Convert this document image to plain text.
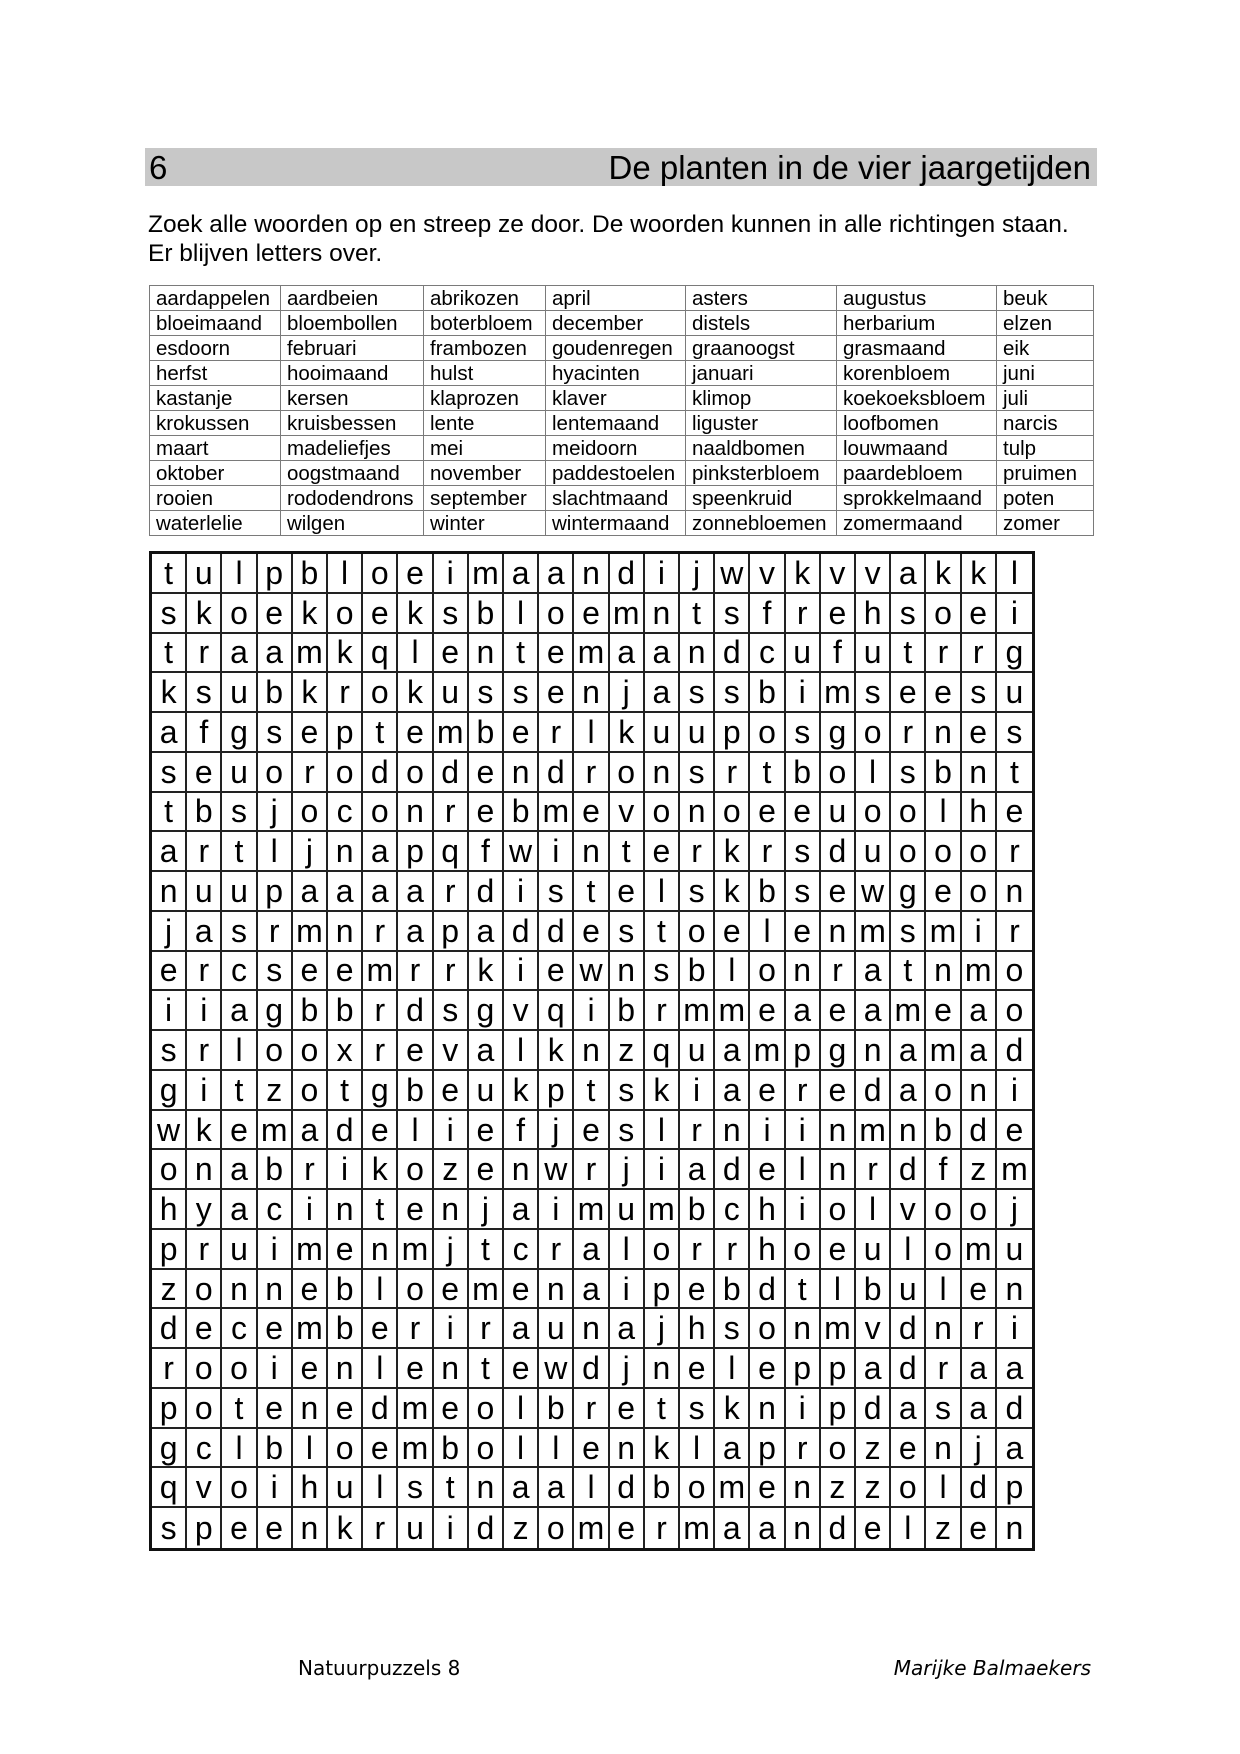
6	De planten in de vier jaargetijden
Zoek alle woorden op en streep ze door. De woorden kunnen in alle richtingen staan.
Er blijven letters over.
aardappelen	aardbeien	abrikozen	april	asters	augustus	beuk
bloeimaand	bloembollen	boterbloem	december	distels	herbarium	elzen
esdoorn	februari	frambozen	goudenregen	graanoogst	grasmaand	eik
herfst	hooimaand	hulst	hyacinten	januari	korenbloem	juni
kastanje	kersen	klaprozen	klaver	klimop	koekoeksbloem	juli
krokussen	kruisbessen	lente	lentemaand	liguster	loofbomen	narcis
maart	madeliefjes	mei	meidoorn	naaldbomen	louwmaand	tulp
oktober	oogstmaand	november	paddestoelen	pinksterbloem	paardebloem	pruimen
rooien	rododendrons	september	slachtmaand	speenkruid	sprokkelmaand	poten
waterlelie	wilgen	winter	wintermaand	zonnebloemen	zomermaand	zomer
t u l p b l o e i m a a n d i j w v k v v a k k l
s k o e k o e k s b l o e m n t s f r e h s o e i
t r a a m k q l e n t e m a a n d c u f u t r r g
k s u b k r o k u s s e n j a s s b i m s e e s u
a f g s e p t e m b e r l k u u p o s g o r n e s
s e u o r o d o d e n d r o n s r t b o l s b n t
t b s j o c o n r e b m e v o n o e e u o o l h e
a r t l j n a p q f w i n t e r k r s d u o o o r
n u u p a a a a r d i s t e l s k b s e w g e o n
j a s r m n r a p a d d e s t o e l e n m s m i r
e r c s e e m r r k i e w n s b l o n r a t n m o
i i a g b b r d s g v q i b r m m e a e a m e a o
s r l o o x r e v a l k n z q u a m p g n a m a d
g i t z o t g b e u k p t s k i a e r e d a o n i
w k e m a d e l i e f j e s l r n i i n m n b d e
o n a b r i k o z e n w r j i a d e l n r d f z m
h y a c i n t e n j a i m u m b c h i o l v o o j
p r u i m e n m j t c r a l o r r h o e u l o m u
z o n n e b l o e m e n a i p e b d t l b u l e n
d e c e m b e r i r a u n a j h s o n m v d n r i
r o o i e n l e n t e w d j n e l e p p a d r a a
p o t e n e d m e o l b r e t s k n i p d a s a d
g c l b l o e m b o l l e n k l a p r o z e n j a
q v o i h u l s t n a a l d b o m e n z z o l d p
s p e e n k r u i d z o m e r m a a n d e l z e n
Natuurpuzzels 8	Marijke Balmaekers
